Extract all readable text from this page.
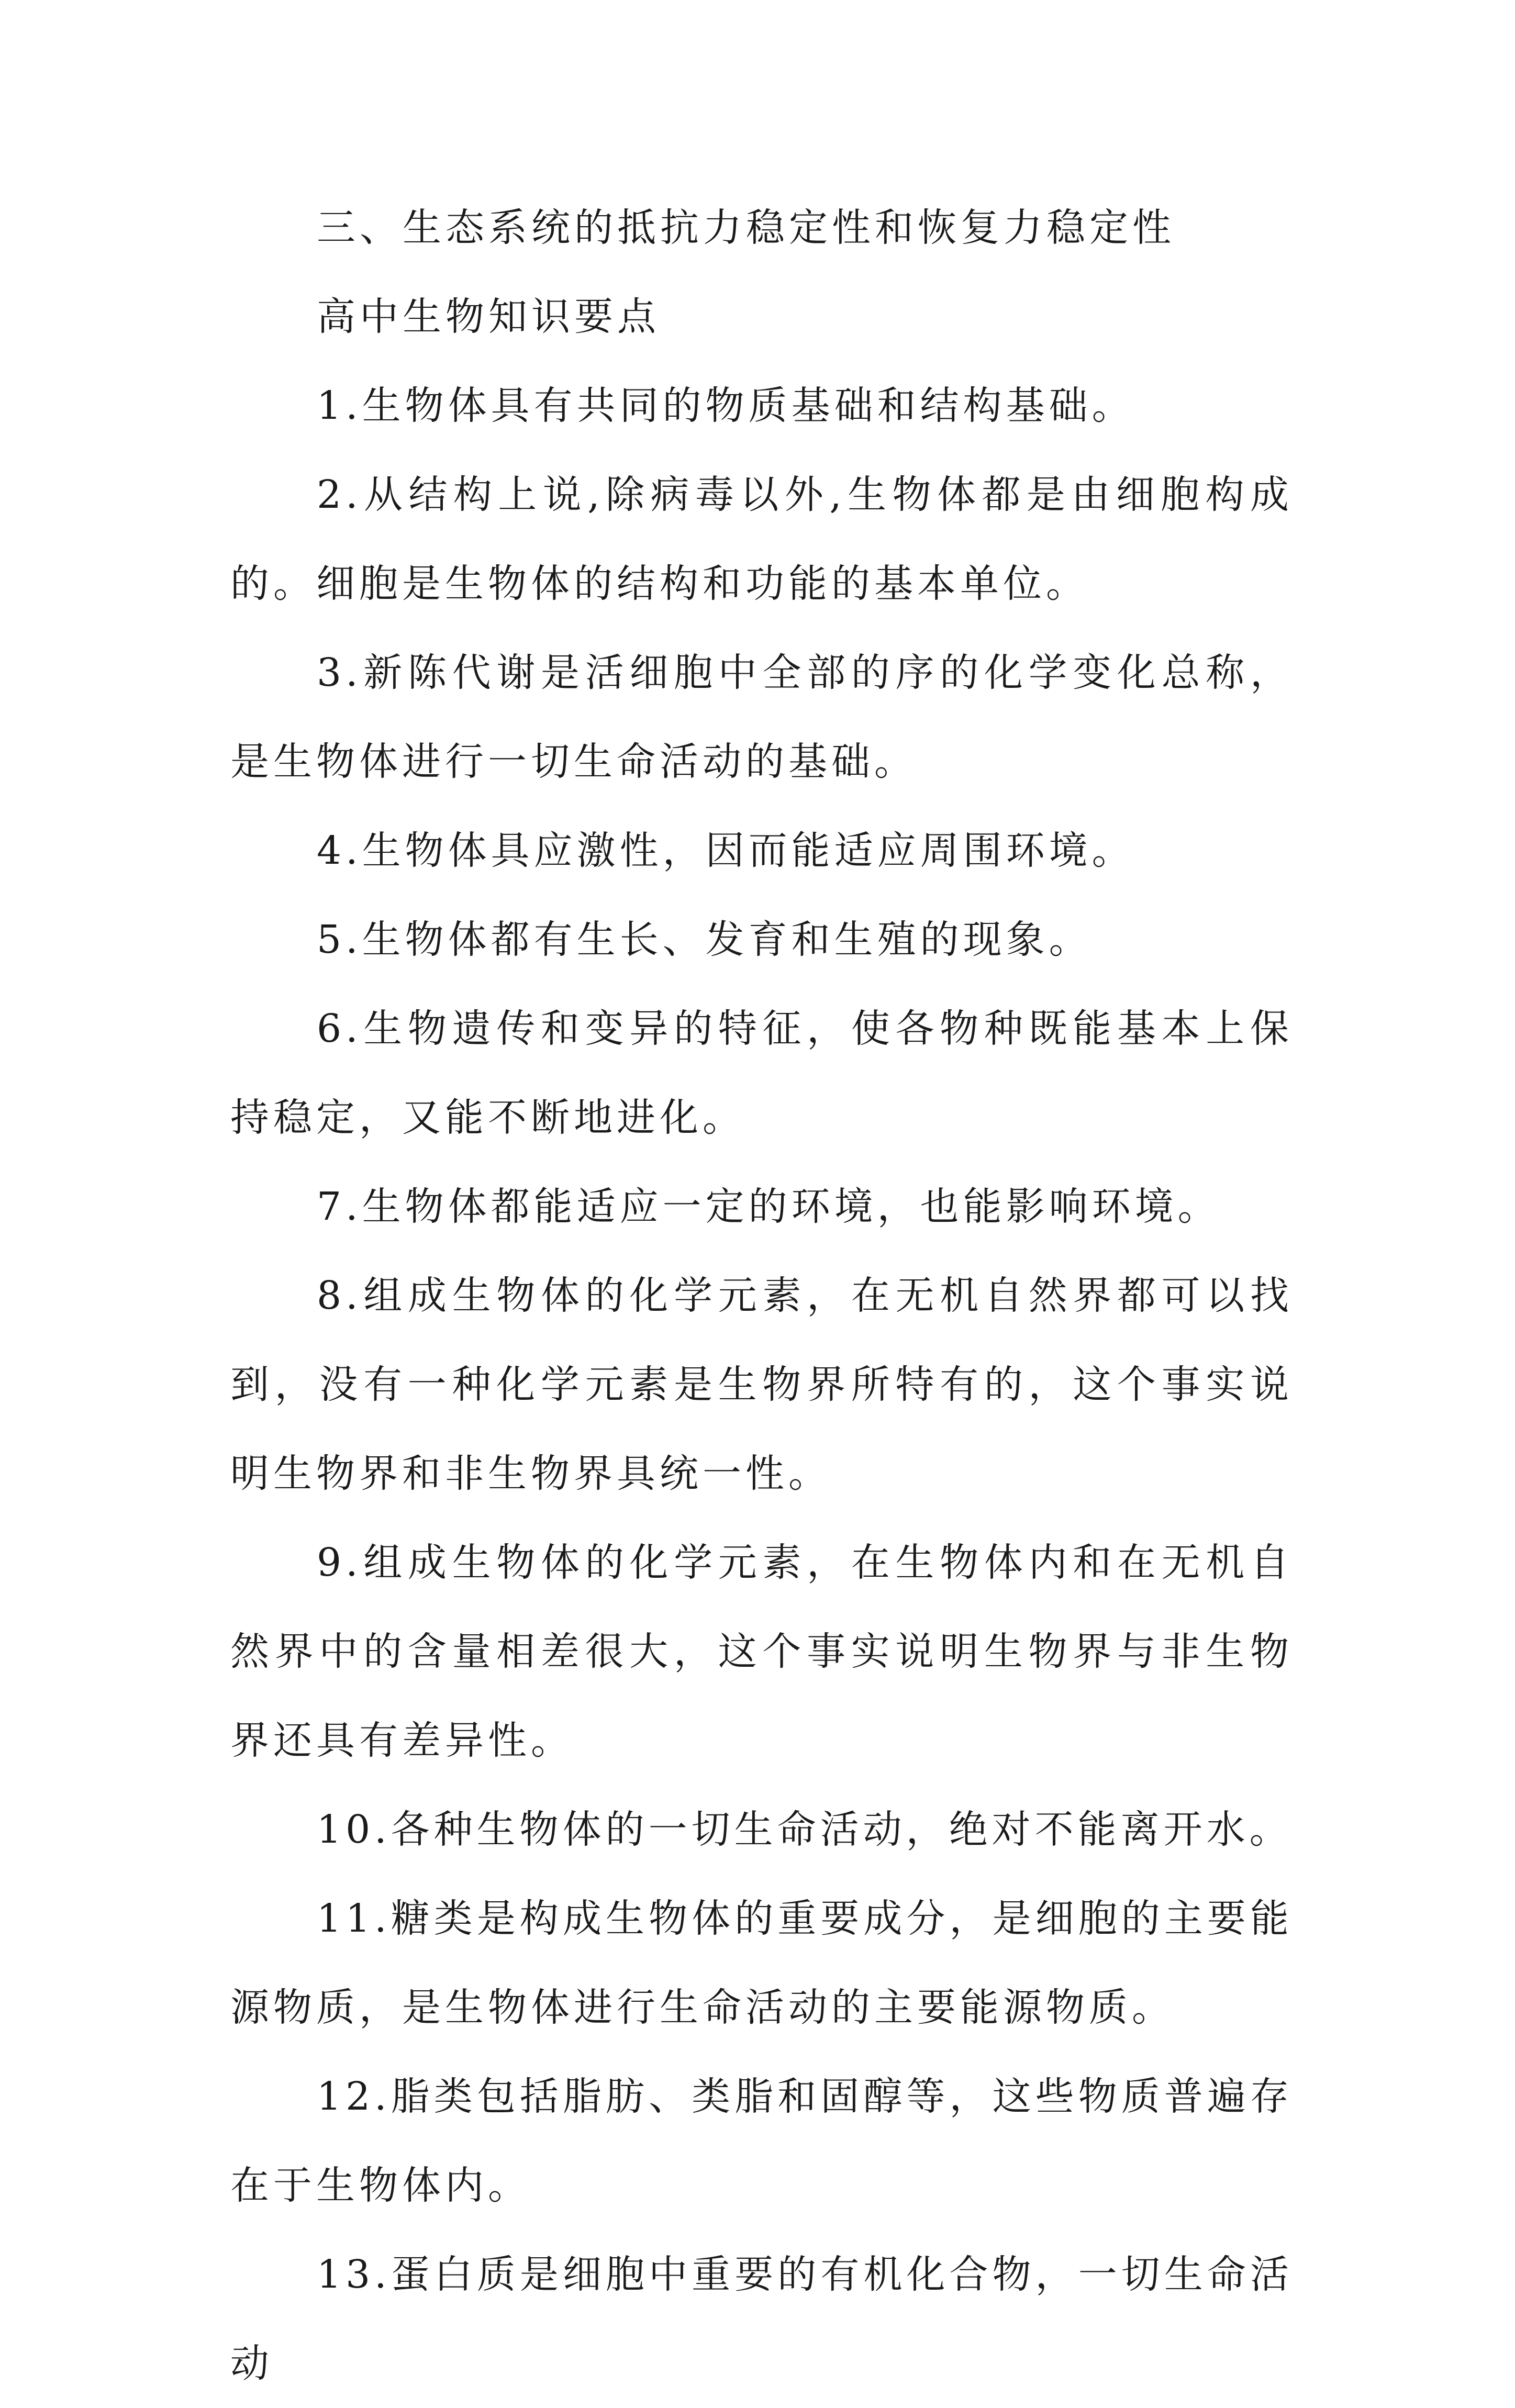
三、生态系统的抵抗力稳定性和恢复力稳定性

高中生物知识要点

1.生物体具有共同的物质基础和结构基础。

2.从结构上说,除病毒以外,生物体都是由细胞构成的。细胞是生物体的结构和功能的基本单位。

3.新陈代谢是活细胞中全部的序的化学变化总称，是生物体进行一切生命活动的基础。

4.生物体具应激性，因而能适应周围环境。

5.生物体都有生长、发育和生殖的现象。

6.生物遗传和变异的特征，使各物种既能基本上保持稳定，又能不断地进化。

7.生物体都能适应一定的环境，也能影响环境。

8.组成生物体的化学元素，在无机自然界都可以找到，没有一种化学元素是生物界所特有的，这个事实说明生物界和非生物界具统一性。

9.组成生物体的化学元素，在生物体内和在无机自然界中的含量相差很大，这个事实说明生物界与非生物界还具有差异性。

10.各种生物体的一切生命活动，绝对不能离开水。

11.糖类是构成生物体的重要成分，是细胞的主要能源物质，是生物体进行生命活动的主要能源物质。

12.脂类包括脂肪、类脂和固醇等，这些物质普遍存在于生物体内。

13.蛋白质是细胞中重要的有机化合物，一切生命活动
